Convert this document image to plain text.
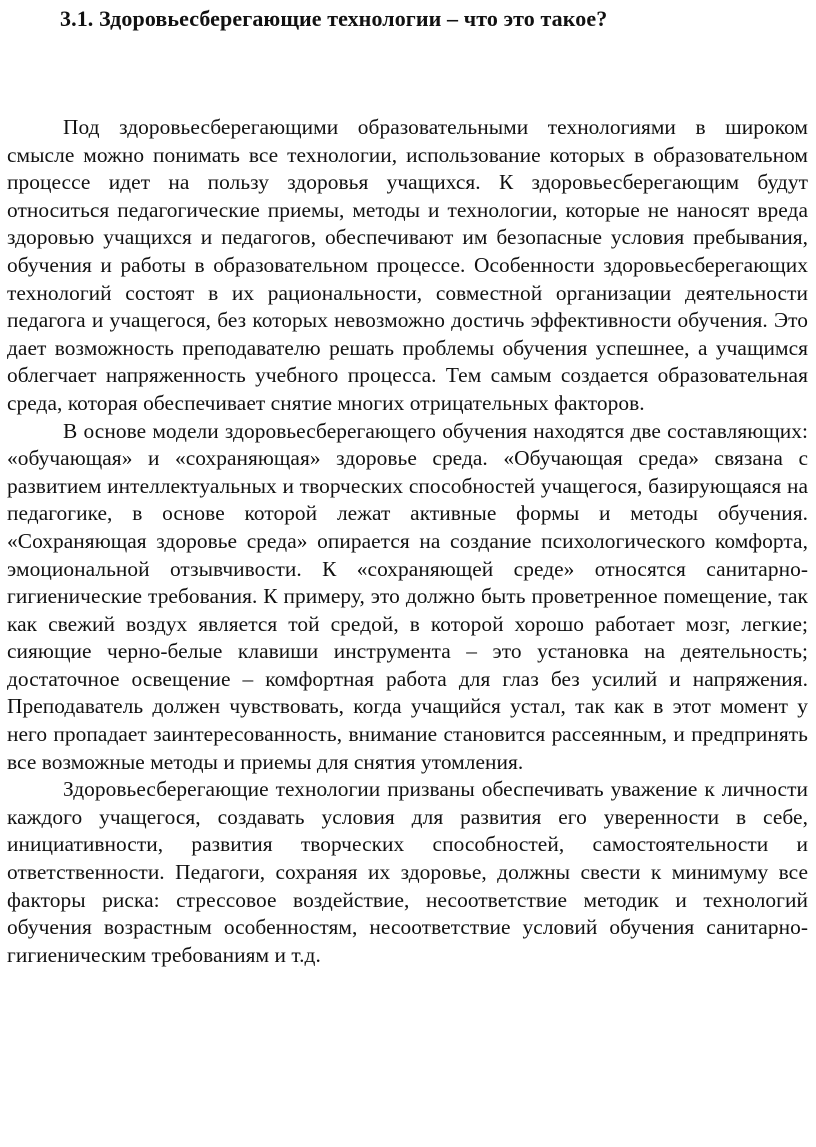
3.1. Здоровьесберегающие технологии – что это такое?

Под здоровьесберегающими образовательными технологиями в широком смысле можно понимать все технологии, использование которых в образовательном процессе идет на пользу здоровья учащихся. К здоровьесберегающим будут относиться педагогические приемы, методы и технологии, которые не наносят вреда здоровью учащихся и педагогов, обеспечивают им безопасные условия пребывания, обучения и работы в образовательном процессе. Особенности здоровьесберегающих технологий состоят в их рациональности, совместной организации деятельности педагога и учащегося, без которых невозможно достичь эффективности обучения. Это дает возможность преподавателю решать проблемы обучения успешнее, а учащимся облегчает напряженность учебного процесса. Тем самым создается образовательная среда, которая обеспечивает снятие многих отрицательных факторов.

В основе модели здоровьесберегающего обучения находятся две составляющих: «обучающая» и «сохраняющая» здоровье среда. «Обучающая среда» связана с развитием интеллектуальных и творческих способностей учащегося, базирующаяся на педагогике, в основе которой лежат активные формы и методы обучения. «Сохраняющая здоровье среда» опирается на создание психологического комфорта, эмоциональной отзывчивости. К «сохраняющей среде» относятся санитарно-гигиенические требования. К примеру, это должно быть проветренное помещение, так как свежий воздух является той средой, в которой хорошо работает мозг, легкие; сияющие черно-белые клавиши инструмента – это установка на деятельность; достаточное освещение – комфортная работа для глаз без усилий и напряжения. Преподаватель должен чувствовать, когда учащийся устал, так как в этот момент у него пропадает заинтересованность, внимание становится рассеянным, и предпринять все возможные методы и приемы для снятия утомления.

Здоровьесберегающие технологии призваны обеспечивать уважение к личности каждого учащегося, создавать условия для развития его уверенности в себе, инициативности, развития творческих способностей, самостоятельности и ответственности. Педагоги, сохраняя их здоровье, должны свести к минимуму все факторы риска: стрессовое воздействие, несоответствие методик и технологий обучения возрастным особенностям, несоответствие условий обучения санитарно-гигиеническим требованиям и т.д.
